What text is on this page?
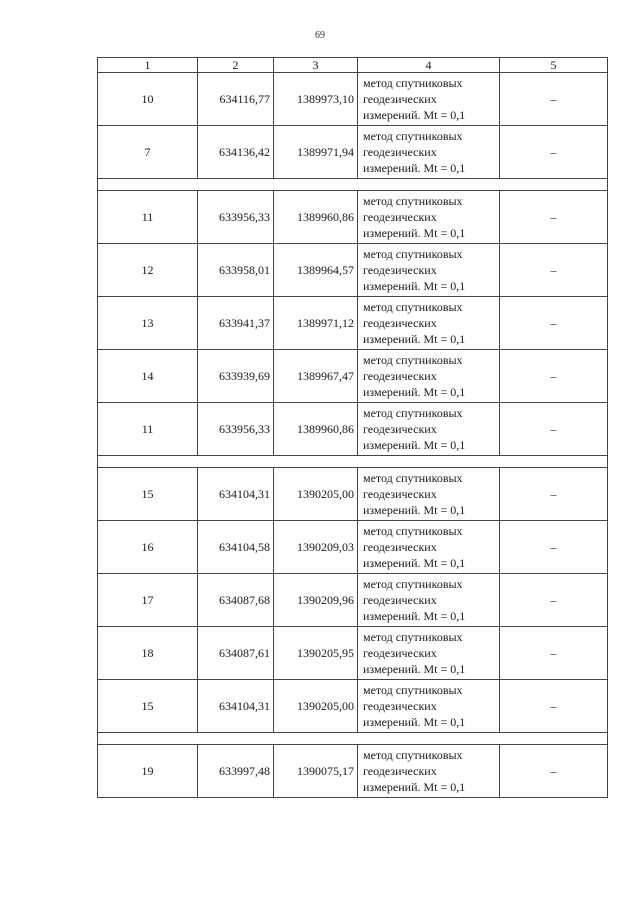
69
1	2	3	4	5
10	634116,77	1389973,10	метод спутниковых
геодезических
измерений. Mt = 0,1	–
7	634136,42	1389971,94	метод спутниковых
геодезических
измерений. Mt = 0,1	–

11	633956,33	1389960,86	метод спутниковых
геодезических
измерений. Mt = 0,1	–
12	633958,01	1389964,57	метод спутниковых
геодезических
измерений. Mt = 0,1	–
13	633941,37	1389971,12	метод спутниковых
геодезических
измерений. Mt = 0,1	–
14	633939,69	1389967,47	метод спутниковых
геодезических
измерений. Mt = 0,1	–
11	633956,33	1389960,86	метод спутниковых
геодезических
измерений. Mt = 0,1	–

15	634104,31	1390205,00	метод спутниковых
геодезических
измерений. Mt = 0,1	–
16	634104,58	1390209,03	метод спутниковых
геодезических
измерений. Mt = 0,1	–
17	634087,68	1390209,96	метод спутниковых
геодезических
измерений. Mt = 0,1	–
18	634087,61	1390205,95	метод спутниковых
геодезических
измерений. Mt = 0,1	–
15	634104,31	1390205,00	метод спутниковых
геодезических
измерений. Mt = 0,1	–

19	633997,48	1390075,17	метод спутниковых
геодезических
измерений. Mt = 0,1	–
